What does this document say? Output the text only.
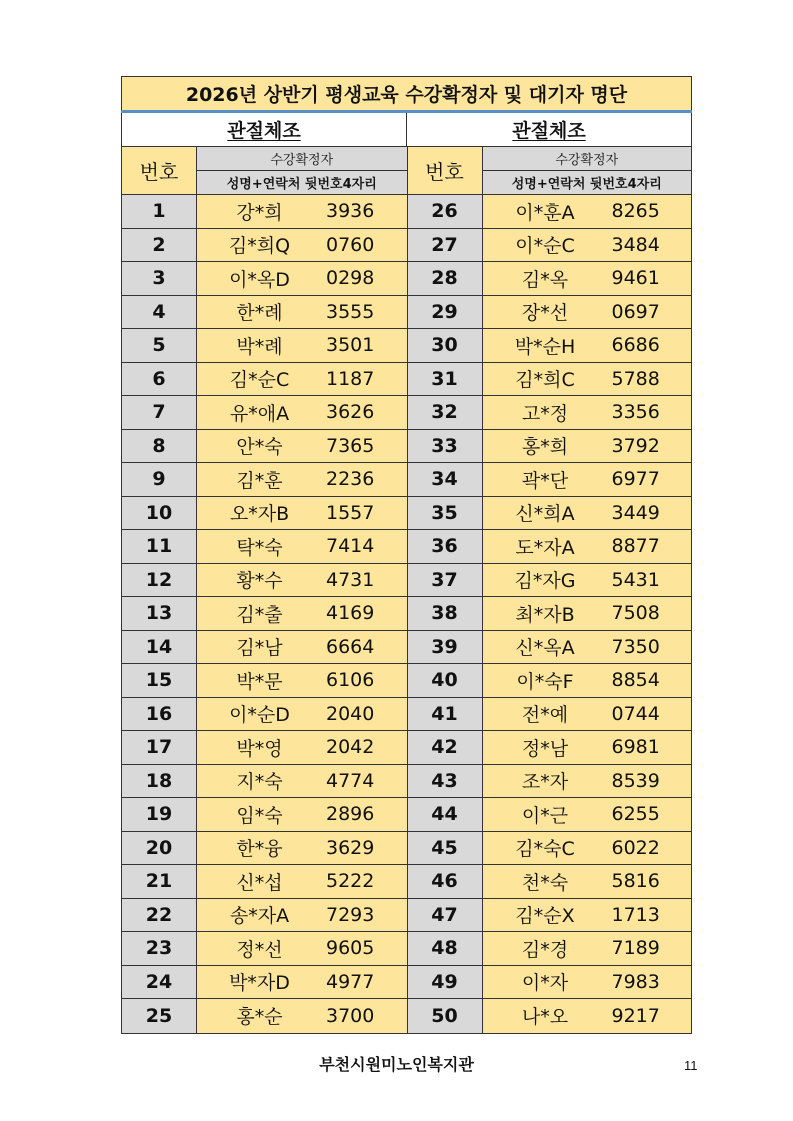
2026년 상반기 평생교육 수강확정자 및 대기자 명단
관절체조	관절체조
번호	수강확정자
성명+연락처 뒷번호4자리
1	강*희	3936
2	김*희Q	0760
3	이*옥D	0298
4	한*례	3555
5	박*례	3501
6	김*순C	1187
7	유*애A	3626
8	안*숙	7365
9	김*훈	2236
10	오*자B	1557
11	탁*숙	7414
12	황*수	4731
13	김*출	4169
14	김*남	6664
15	박*문	6106
16	이*순D	2040
17	박*영	2042
18	지*숙	4774
19	임*숙	2896
20	한*융	3629
21	신*섭	5222
22	송*자A	7293
23	정*선	9605
24	박*자D	4977
25	홍*순	3700
번호	수강확정자
성명+연락처 뒷번호4자리
26	이*훈A	8265
27	이*순C	3484
28	김*옥	9461
29	장*선	0697
30	박*순H	6686
31	김*희C	5788
32	고*정	3356
33	홍*희	3792
34	곽*단	6977
35	신*희A	3449
36	도*자A	8877
37	김*자G	5431
38	최*자B	7508
39	신*옥A	7350
40	이*숙F	8854
41	전*예	0744
42	정*남	6981
43	조*자	8539
44	이*근	6255
45	김*숙C	6022
46	천*숙	5816
47	김*순X	1713
48	김*경	7189
49	이*자	7983
50	나*오	9217
부천시원미노인복지관	11
